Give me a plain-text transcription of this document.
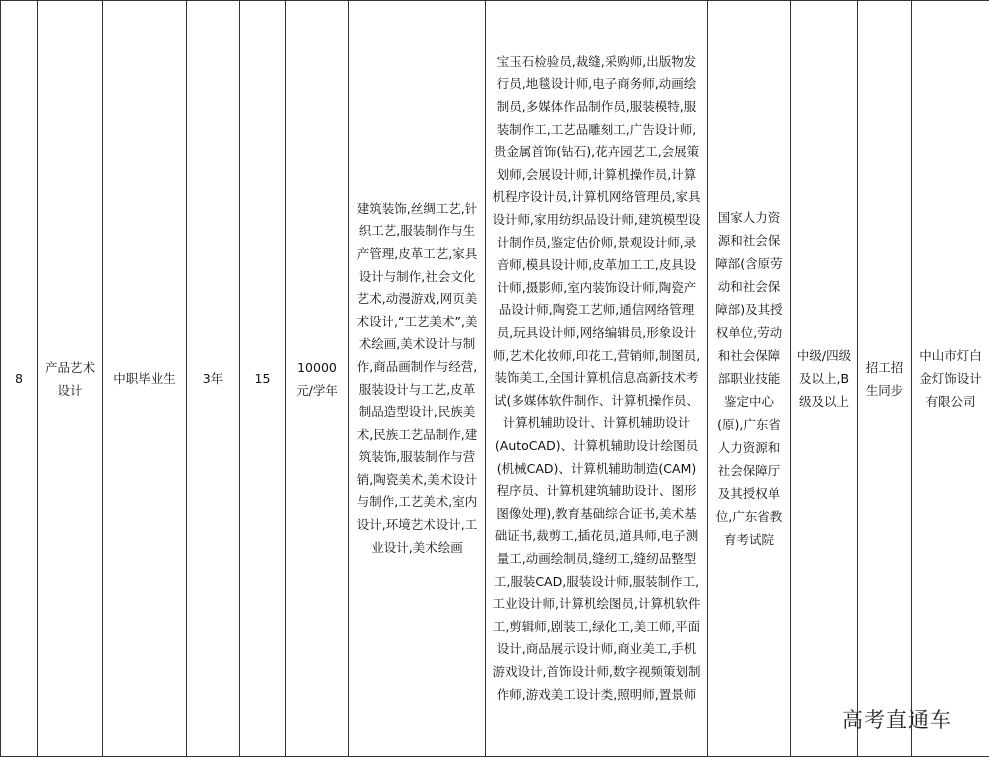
8	产品艺术设计	中职毕业生	3年	15	10000元/学年	建筑装饰,丝绸工艺,针织工艺,服装制作与生产管理,皮革工艺,家具设计与制作,社会文化艺术,动漫游戏,网页美术设计,“工艺美术”,美术绘画,美术设计与制作,商品画制作与经营,服装设计与工艺,皮革制品造型设计,民族美术,民族工艺品制作,建筑装饰,服装制作与营销,陶瓷美术,美术设计与制作,工艺美术,室内设计,环境艺术设计,工业设计,美术绘画	宝玉石检验员,裁缝,采购师,出版物发行员,地毯设计师,电子商务师,动画绘制员,多媒体作品制作员,服装模特,服装制作工,工艺品雕刻工,广告设计师,贵金属首饰(钻石),花卉园艺工,会展策划师,会展设计师,计算机操作员,计算机程序设计员,计算机网络管理员,家具设计师,家用纺织品设计师,建筑模型设计制作员,鉴定估价师,景观设计师,录音师,模具设计师,皮革加工工,皮具设计师,摄影师,室内装饰设计师,陶瓷产品设计师,陶瓷工艺师,通信网络管理员,玩具设计师,网络编辑员,形象设计师,艺术化妆师,印花工,营销师,制图员,装饰美工,全国计算机信息高新技术考试(多媒体软件制作、计算机操作员、计算机辅助设计、计算机辅助设计(AutoCAD)、计算机辅助设计绘图员(机械CAD)、计算机辅助制造(CAM)程序员、计算机建筑辅助设计、图形图像处理),教育基础综合证书,美术基础证书,裁剪工,插花员,道具师,电子测量工,动画绘制员,缝纫工,缝纫品整型工,服装CAD,服装设计师,服装制作工,工业设计师,计算机绘图员,计算机软件工,剪辑师,剧装工,绿化工,美工师,平面设计,商品展示设计师,商业美工,手机游戏设计,首饰设计师,数字视频策划制作师,游戏美工设计类,照明师,置景师	国家人力资源和社会保障部(含原劳动和社会保障部)及其授权单位,劳动和社会保障部职业技能鉴定中心(原),广东省人力资源和社会保障厅及其授权单位,广东省教育考试院	中级/四级及以上,B级及以上	招工招生同步	中山市灯白金灯饰设计有限公司
高考直通车
